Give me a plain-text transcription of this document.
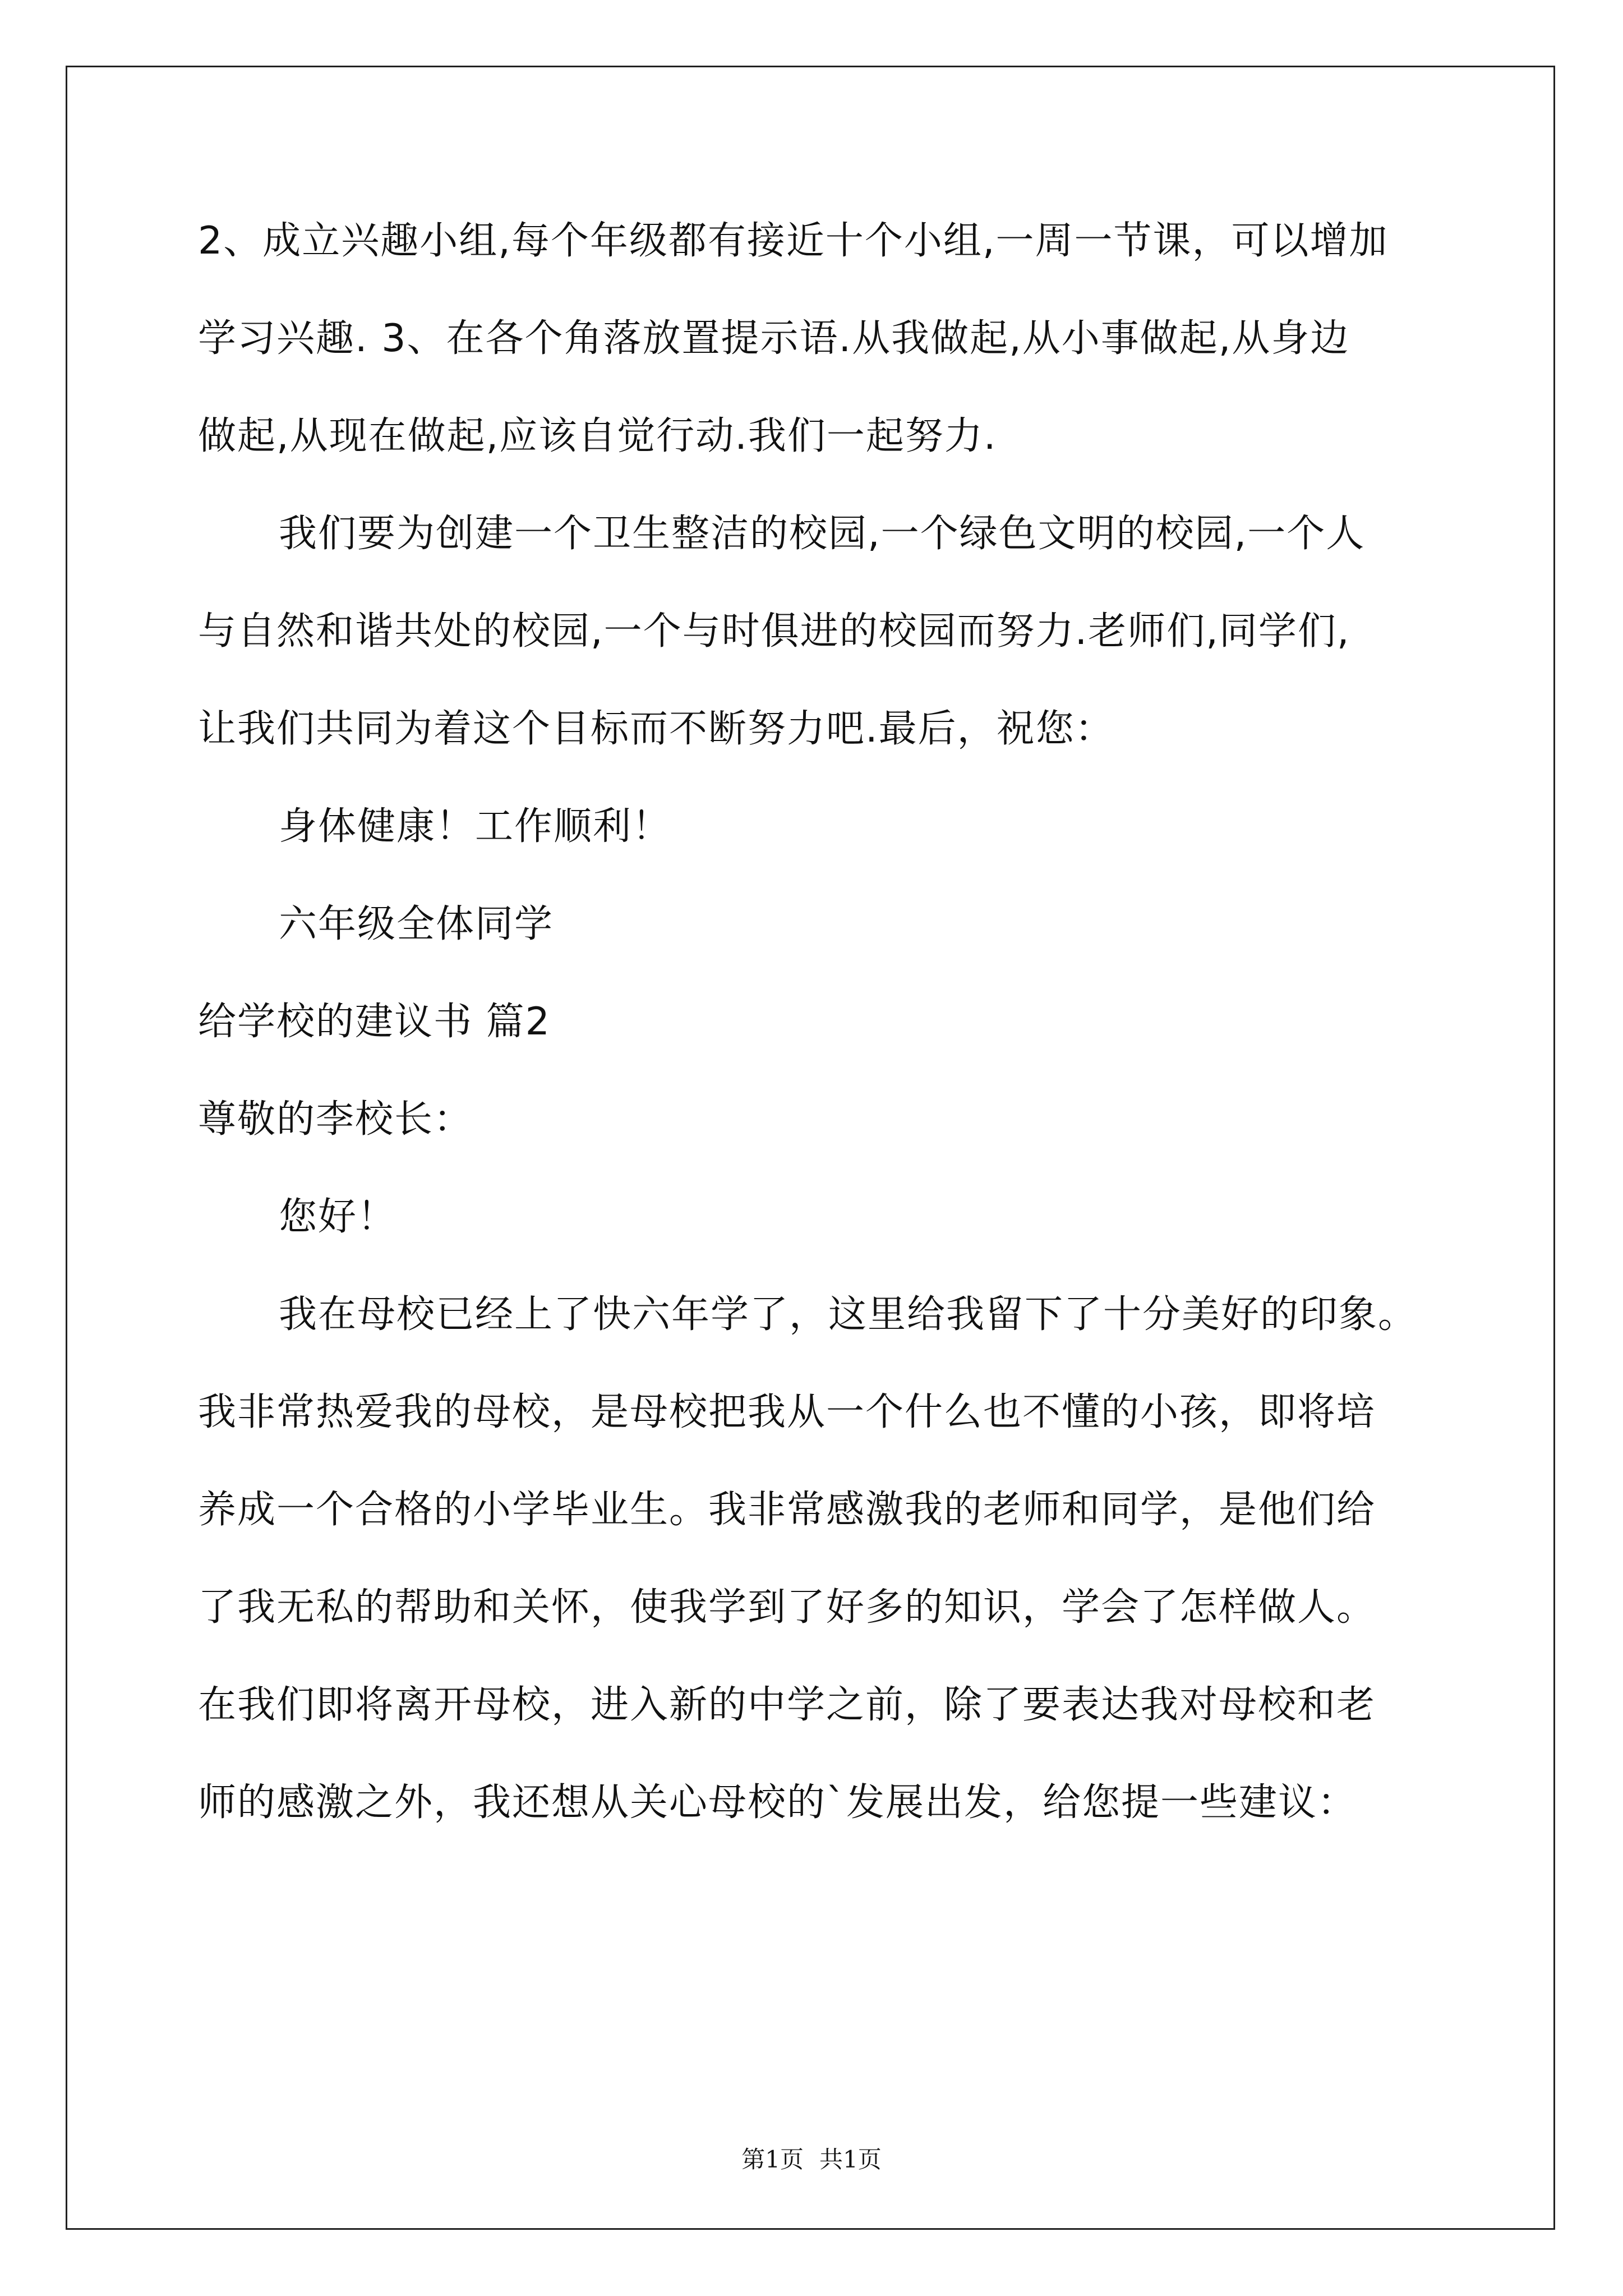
2、成立兴趣小组,每个年级都有接近十个小组,一周一节课，可以增加
学习兴趣. 3、在各个角落放置提示语.从我做起,从小事做起,从身边
做起,从现在做起,应该自觉行动.我们一起努力.
我们要为创建一个卫生整洁的校园,一个绿色文明的校园,一个人
与自然和谐共处的校园,一个与时俱进的校园而努力.老师们,同学们,
让我们共同为着这个目标而不断努力吧.最后，祝您：
身体健康！工作顺利！
六年级全体同学
给学校的建议书 篇2
尊敬的李校长：
您好！
我在母校已经上了快六年学了，这里给我留下了十分美好的印象。
我非常热爱我的母校，是母校把我从一个什么也不懂的小孩，即将培
养成一个合格的小学毕业生。我非常感激我的老师和同学，是他们给
了我无私的帮助和关怀，使我学到了好多的知识，学会了怎样做人。
在我们即将离开母校，进入新的中学之前，除了要表达我对母校和老
师的感激之外，我还想从关心母校的`发展出发，给您提一些建议：
第1页 共1页
